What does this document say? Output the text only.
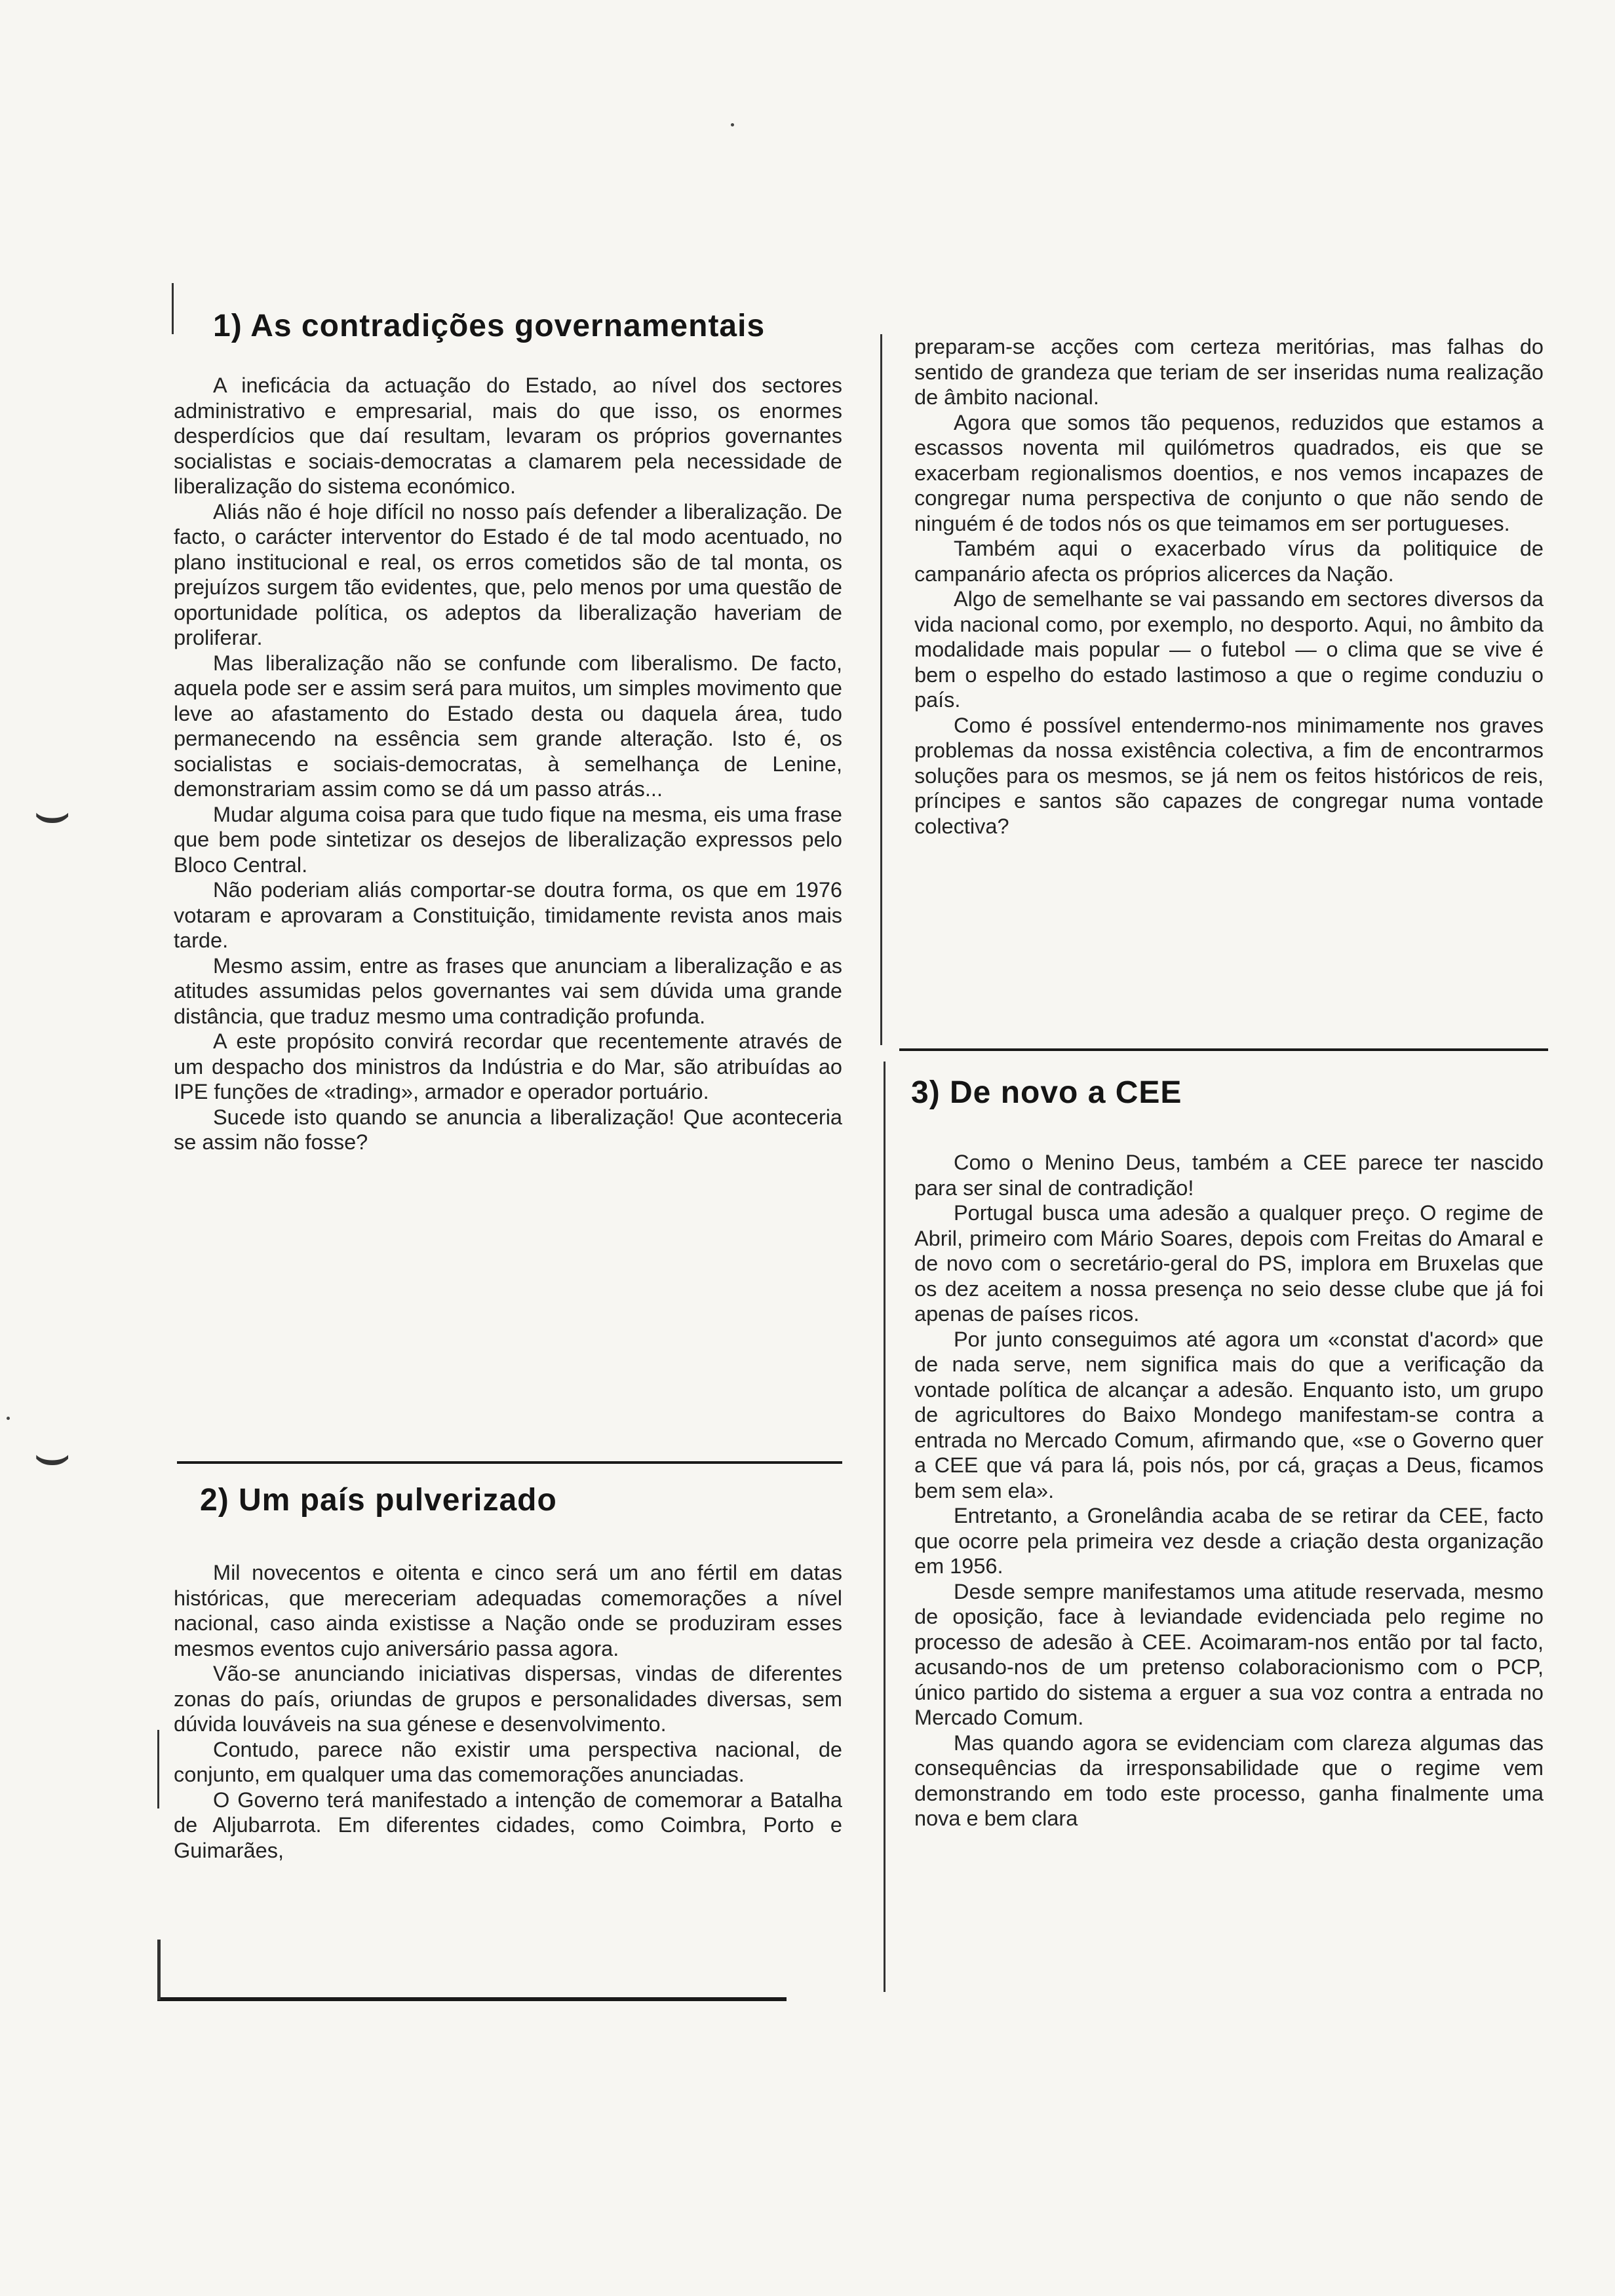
⌣
⌣
1) As contradições governamentais

A ineficácia da actuação do Estado, ao nível dos sectores administrativo e empresarial, mais do que isso, os enormes desperdícios que daí resultam, levaram os próprios governantes socialistas e sociais-democratas a clamarem pela necessidade de liberalização do sistema económico.

Aliás não é hoje difícil no nosso país defender a liberalização. De facto, o carácter interventor do Estado é de tal modo acentuado, no plano institucional e real, os erros cometidos são de tal monta, os prejuízos surgem tão evidentes, que, pelo menos por uma questão de oportunidade política, os adeptos da liberalização haveriam de proliferar.

Mas liberalização não se confunde com liberalismo. De facto, aquela pode ser e assim será para muitos, um simples movimento que leve ao afastamento do Estado desta ou daquela área, tudo permanecendo na essência sem grande alteração. Isto é, os socialistas e sociais-democratas, à semelhança de Lenine, demonstrariam assim como se dá um passo atrás...

Mudar alguma coisa para que tudo fique na mesma, eis uma frase que bem pode sintetizar os desejos de liberalização expressos pelo Bloco Central.

Não poderiam aliás comportar-se doutra forma, os que em 1976 votaram e aprovaram a Constituição, timidamente revista anos mais tarde.

Mesmo assim, entre as frases que anunciam a liberalização e as atitudes assumidas pelos governantes vai sem dúvida uma grande distância, que traduz mesmo uma contradição profunda.

A este propósito convirá recordar que recentemente através de um despacho dos ministros da Indústria e do Mar, são atribuídas ao IPE funções de «trading», armador e operador portuário.

Sucede isto quando se anuncia a liberalização! Que aconteceria se assim não fosse?

2) Um país pulverizado

Mil novecentos e oitenta e cinco será um ano fértil em datas históricas, que mereceriam adequadas comemorações a nível nacional, caso ainda existisse a Nação onde se produziram esses mesmos eventos cujo aniversário passa agora.

Vão-se anunciando iniciativas dispersas, vindas de diferentes zonas do país, oriundas de grupos e personalidades diversas, sem dúvida louváveis na sua génese e desenvolvimento.

Contudo, parece não existir uma perspectiva nacional, de conjunto, em qualquer uma das comemorações anunciadas.

O Governo terá manifestado a intenção de comemorar a Batalha de Aljubarrota. Em diferentes cidades, como Coimbra, Porto e Guimarães,

preparam-se acções com certeza meritórias, mas falhas do sentido de grandeza que teriam de ser inseridas numa realização de âmbito nacional.

Agora que somos tão pequenos, reduzidos que estamos a escassos noventa mil quilómetros quadrados, eis que se exacerbam regionalismos doentios, e nos vemos incapazes de congregar numa perspectiva de conjunto o que não sendo de ninguém é de todos nós os que teimamos em ser portugueses.

Também aqui o exacerbado vírus da politiquice de campanário afecta os próprios alicerces da Nação.

Algo de semelhante se vai passando em sectores diversos da vida nacional como, por exemplo, no desporto. Aqui, no âmbito da modalidade mais popular — o futebol — o clima que se vive é bem o espelho do estado lastimoso a que o regime conduziu o país.

Como é possível entendermo-nos minimamente nos graves problemas da nossa existência colectiva, a fim de encontrarmos soluções para os mesmos, se já nem os feitos históricos de reis, príncipes e santos são capazes de congregar numa vontade colectiva?

3) De novo a CEE

Como o Menino Deus, também a CEE parece ter nascido para ser sinal de contradição!

Portugal busca uma adesão a qualquer preço. O regime de Abril, primeiro com Mário Soares, depois com Freitas do Amaral e de novo com o secretário-geral do PS, implora em Bruxelas que os dez aceitem a nossa presença no seio desse clube que já foi apenas de países ricos.

Por junto conseguimos até agora um «constat d'acord» que de nada serve, nem significa mais do que a verificação da vontade política de alcançar a adesão. Enquanto isto, um grupo de agricultores do Baixo Mondego manifestam-se contra a entrada no Mercado Comum, afirmando que, «se o Governo quer a CEE que vá para lá, pois nós, por cá, graças a Deus, ficamos bem sem ela».

Entretanto, a Gronelândia acaba de se retirar da CEE, facto que ocorre pela primeira vez desde a criação desta organização em 1956.

Desde sempre manifestamos uma atitude reservada, mesmo de oposição, face à leviandade evidenciada pelo regime no processo de adesão à CEE. Acoimaram-nos então por tal facto, acusando-nos de um pretenso colaboracionismo com o PCP, único partido do sistema a erguer a sua voz contra a entrada no Mercado Comum.

Mas quando agora se evidenciam com clareza algumas das consequências da irresponsabilidade que o regime vem demonstrando em todo este processo, ganha finalmente uma nova e bem clara
